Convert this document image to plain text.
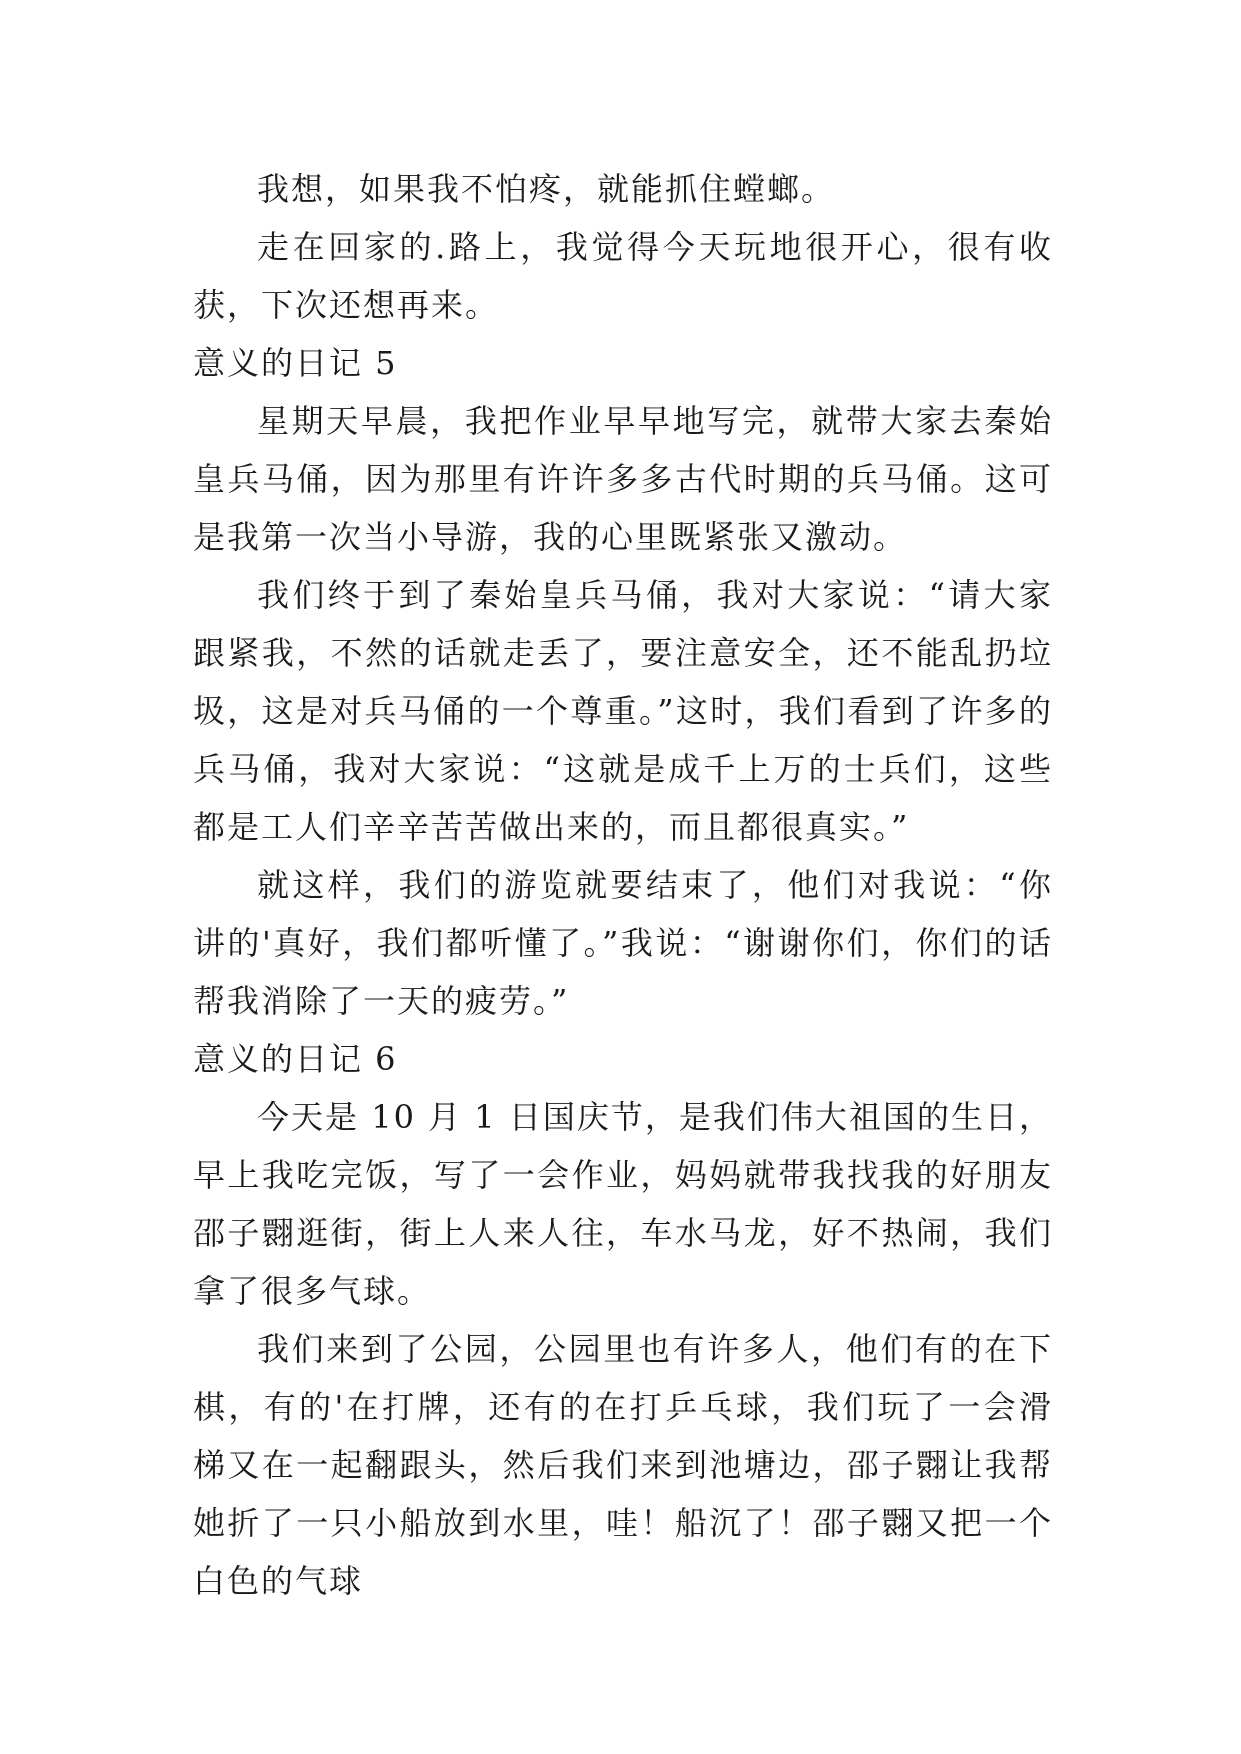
我想，如果我不怕疼，就能抓住螳螂。

走在回家的.路上，我觉得今天玩地很开心，很有收获，下次还想再来。

意义的日记 5

星期天早晨，我把作业早早地写完，就带大家去秦始皇兵马俑，因为那里有许许多多古代时期的兵马俑。这可是我第一次当小导游，我的心里既紧张又激动。

我们终于到了秦始皇兵马俑，我对大家说：“请大家跟紧我，不然的话就走丢了，要注意安全，还不能乱扔垃圾，这是对兵马俑的一个尊重。”这时，我们看到了许多的兵马俑，我对大家说：“这就是成千上万的士兵们，这些都是工人们辛辛苦苦做出来的，而且都很真实。”

就这样，我们的游览就要结束了，他们对我说：“你讲的'真好，我们都听懂了。”我说：“谢谢你们，你们的话帮我消除了一天的疲劳。”

意义的日记 6

今天是 10 月 1 日国庆节，是我们伟大祖国的生日，早上我吃完饭，写了一会作业，妈妈就带我找我的好朋友邵子翾逛街，街上人来人往，车水马龙，好不热闹，我们拿了很多气球。

我们来到了公园，公园里也有许多人，他们有的在下棋，有的'在打牌，还有的在打乒乓球，我们玩了一会滑梯又在一起翻跟头，然后我们来到池塘边，邵子翾让我帮她折了一只小船放到水里，哇！船沉了！邵子翾又把一个白色的气球
